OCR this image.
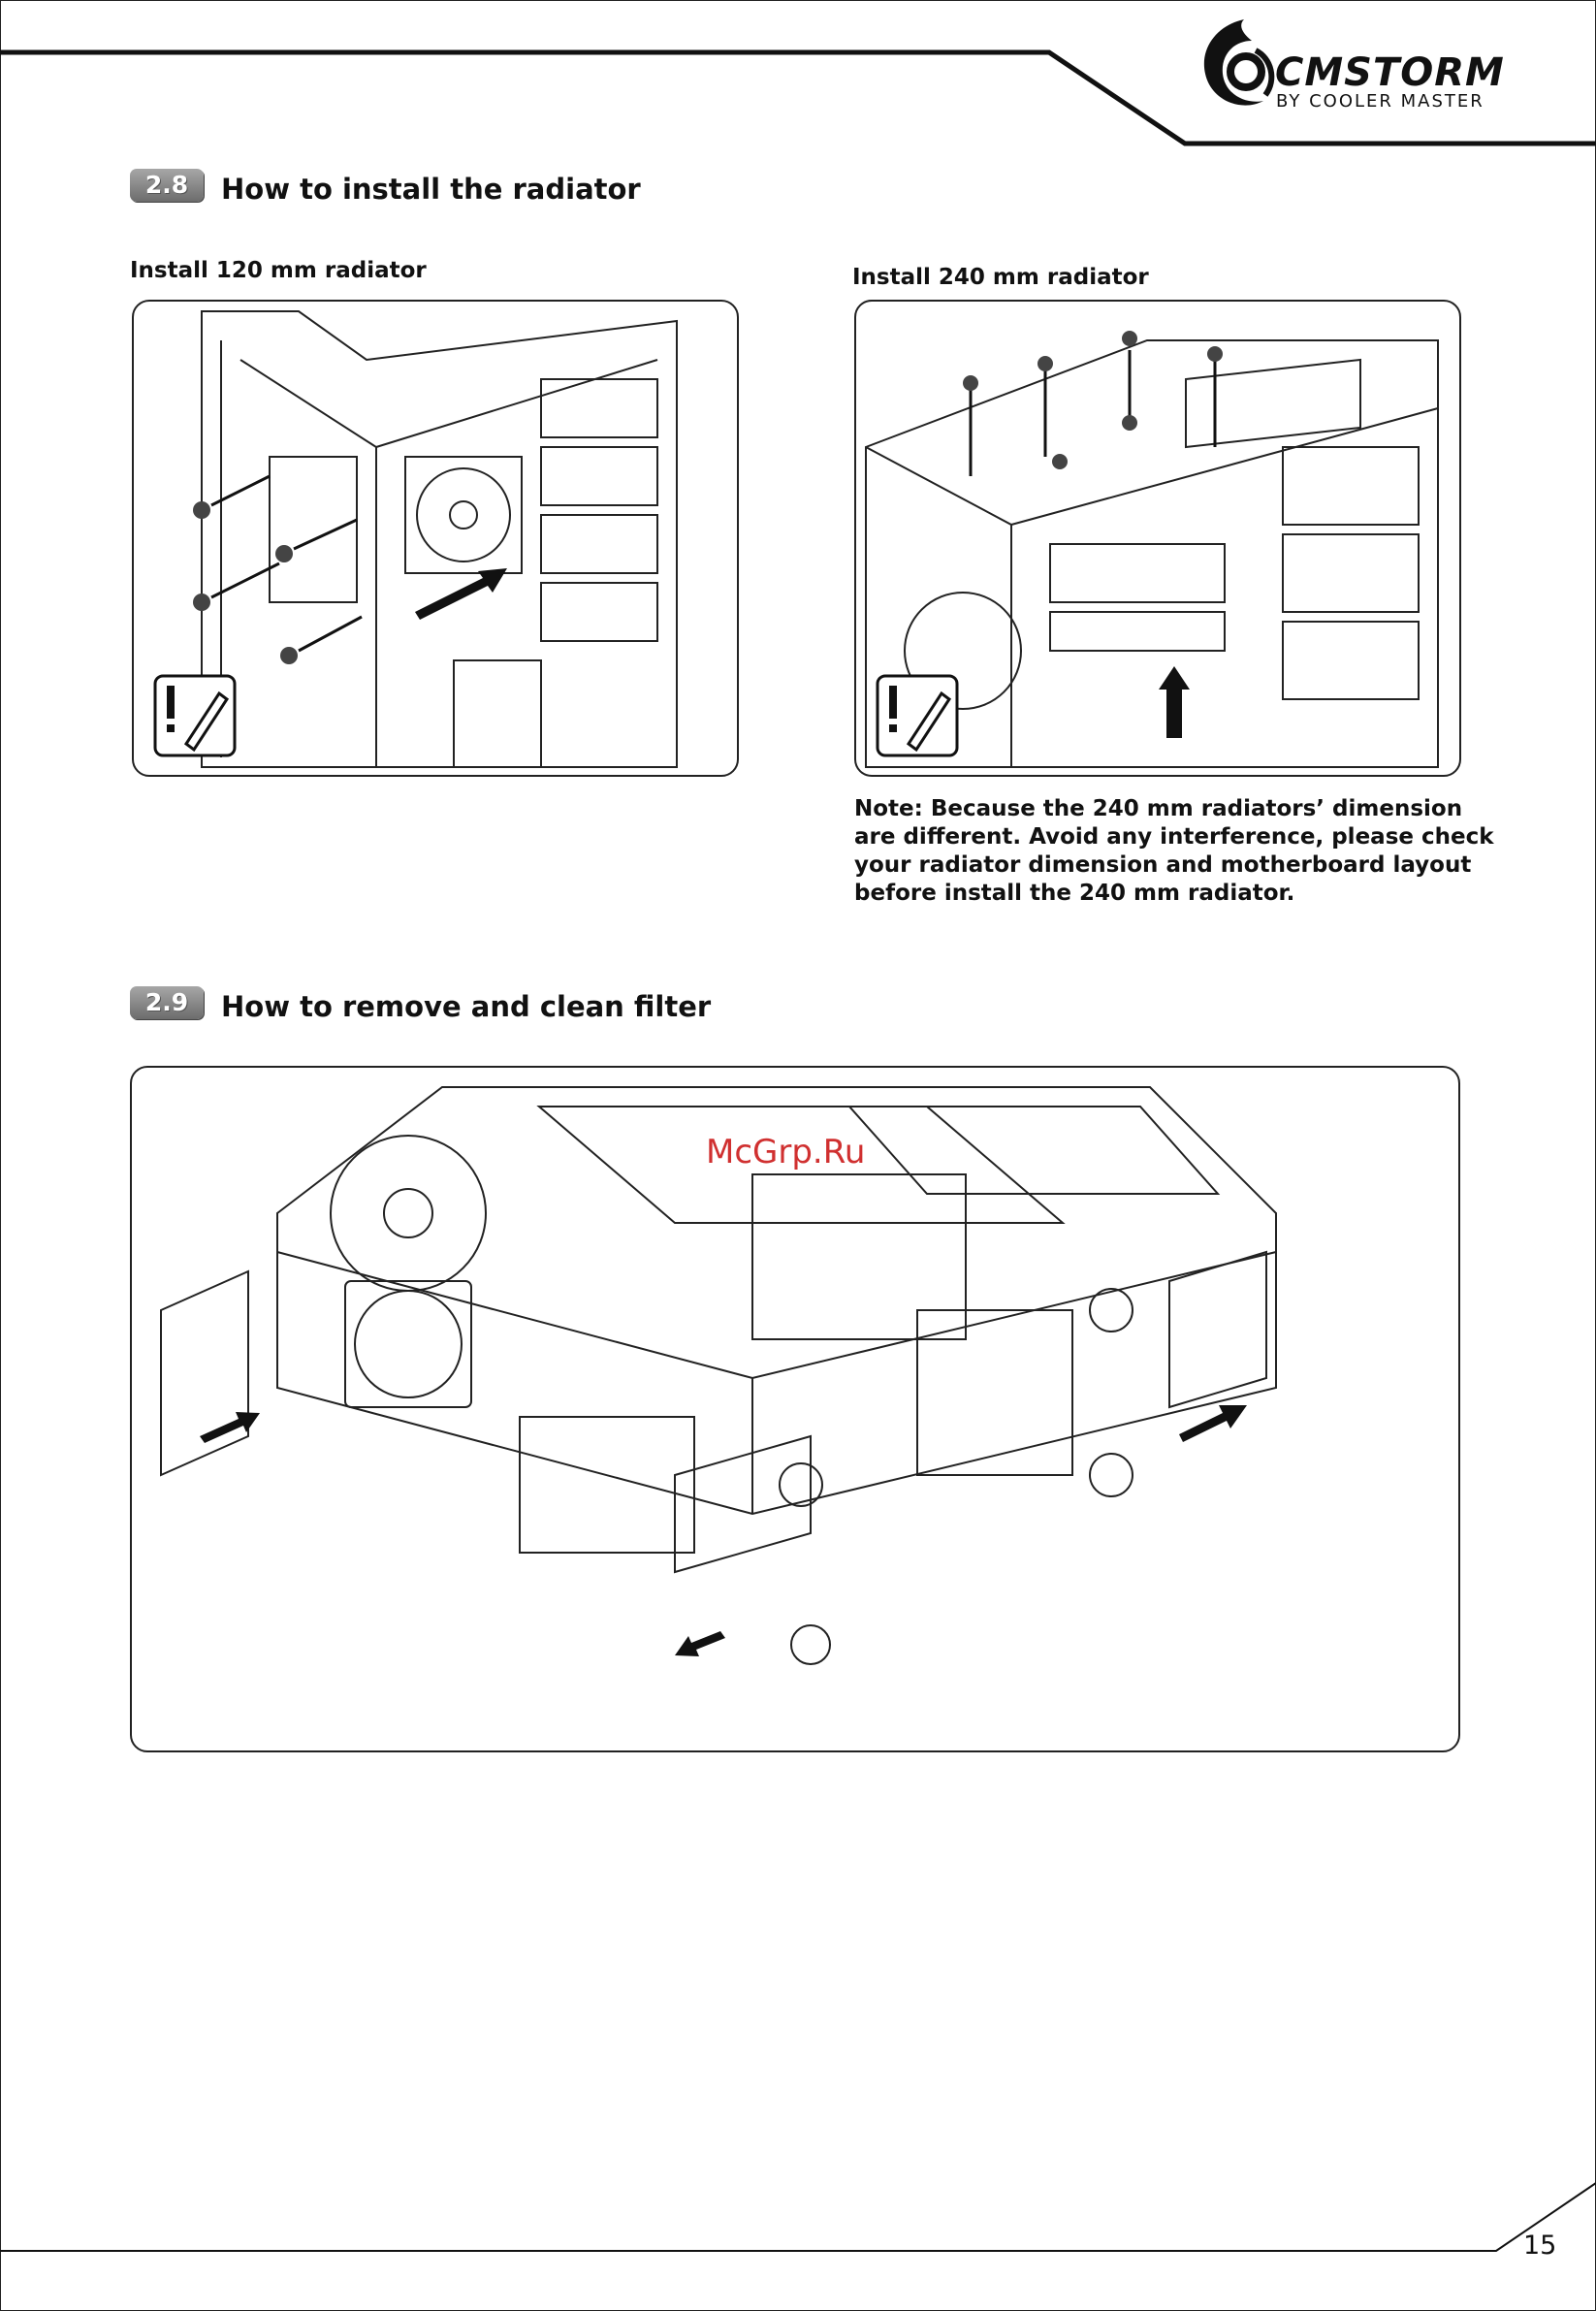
CMSTORM
BY COOLER MASTER
2.8 How to install the radiator
Install 120 mm radiator	Install 240 mm radiator
Note: Because the 240 mm radiators’ dimension
are different. Avoid any interference, please check
your radiator dimension and motherboard layout
before install the 240 mm radiator.
2.9 How to remove and clean filter
McGrp.Ru
15
